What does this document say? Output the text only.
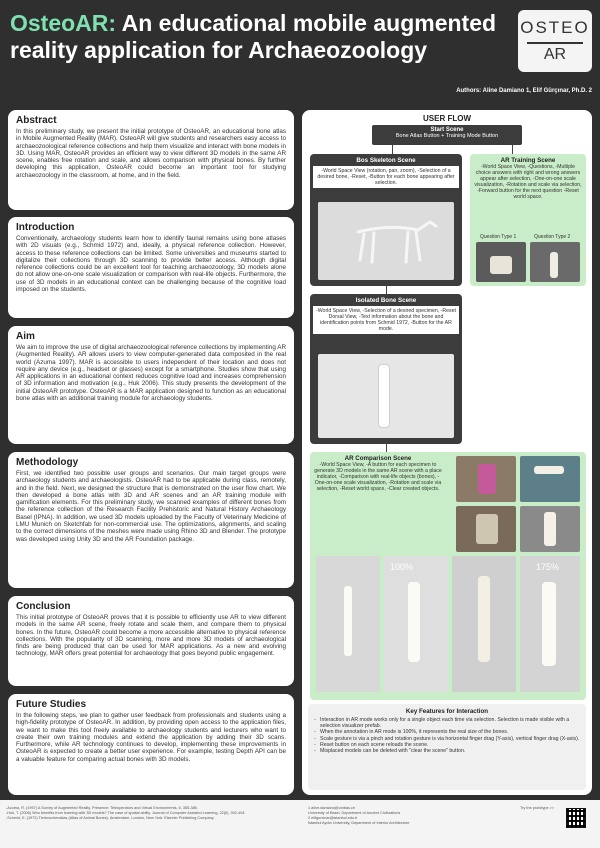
OsteoAR: An educational mobile augmented reality application for Archaeozoology
OSTEO
AR
Authors: Aline Damiano 1, Elif Gürçınar, Ph.D. 2
Abstract

In this preliminary study, we present the initial prototype of OsteoAR, an educational bone atlas in Mobile Augmented Reality (MAR). OsteoAR will give students and researchers easy access to archaeozoological reference collections and help them visualize and interact with bone models in 3D. Using MAR, OsteoAR provides an efficient way to view different 3D models in the same AR scene, enables free rotation and scale, and allows comparison with physical bones. By further developing this application, OsteoAR could become an important tool for studying archaeozoology in the classroom, at home, and in the field.

Introduction

Conventionally, archaeology students learn how to identify faunal remains using bone atlases with 2D visuals (e.g., Schmid 1972) and, ideally, a physical reference collection. However, access to these reference collections can be limited. Some universities and museums started to digitalize their collections through 3D scanning to provide better access. Although digital reference collections could be an excellent tool for teaching archaeozoology, 3D models alone do not allow one-on-one scale visualization or comparison with real-life objects. Furthermore, the use of 3D models in an educational context can be challenging because of the cognitive load imposed on the students.

Aim

We aim to improve the use of digital archaeozoological reference collections by implementing AR (Augmented Reality). AR allows users to view computer-generated data composited in the real world (Azuma 1997). MAR is accessible to users independent of their location and does not require any device (e.g., headset or glasses) except for a smartphone. Studies show that using AR applications in an educational context reduces cognitive load and increases comprehension of 3D information and motivation (e.g., Huk 2006). This study presents the development of the initial OsteoAR prototype. OsteoAR is a MAR application designed to function as an educational bone atlas with an additional training module for archaeology students.

Methodology

First, we identified two possible user groups and scenarios. Our main target groups were archaeology students and archaeologists. OsteoAR had to be applicable during class, remotely, and in the field. Next, we designed the structure that is demonstrated on the user flow chart. We then developed a bone atlas with 3D and AR scenes and an AR training module with gamification elements. For this preliminary study, we scanned examples of different bones from the reference collection of the Research Facility Prehistoric and Natural History Archaeology Basel (IPNA). In addition, we used 3D models uploaded by the Faculty of Veterinary Medicine of LMU Munich on Sketchfab for non-commercial use. The optimizations, alignments, and scaling to the correct dimensions of the meshes were made using Rhino 3D and Blender. The prototype was developed using Unity 3D and the AR Foundation package.

Conclusion

This initial prototype of OsteoAR proves that it is possible to efficiently use AR to view different models in the same AR scene, freely rotate and scale them, and compare them to physical bones. In the future, OsteoAR could become a more accessible alternative to physical reference collections. With the popularity of 3D scanning, more and more 3D models of archaeological finds are being produced that can be used for MAR applications. As a new and evolving technology, MAR offers great potential for archaeology that goes beyond public engagement.

Future Studies

In the following steps, we plan to gather user feedback from professionals and students using a high-fidelity prototype of OsteoAR. In addition, by providing open access to the application files, we want to make this tool freely available to archaeology students and lecturers who want to create their own training modules and extend the application by adding their 3D scans. Furthermore, while AR technology continues to develop, implementing these improvements in OsteoAR is expected to create a better user experience. For example, testing Depth API can be a valuable feature for comparing actual bones with 3D models.

USER FLOW
Start Scene
Bone Atlas Button + Training Mode Button
Bos Skeleton Scene
-World Space View (rotation, pan, zoom), -Selection of a desired bone, -Reset, -Button for each bone appearing after selection.
AR Training Scene
-World Space View, -Questions, -Multiple choice answers with right and wrong answers appear after selection, -One-on-one scale visualization, -Rotation and scale via selection, -Forward button for the next question -Reset world space.
Question Type 1	Question Type 2
Isolated Bone Scene
-World Space View, -Selection of a desired specimen, -Reset Dorsal View, -Text information about the bone and identification points from Schmid 1972, -Button for the AR mode.
AR Comparison Scene
-World Space View, -A button for each specimen to generate 3D models in the same AR scene with a place indicator, -Comparison with real-life objects (bones), -One-on-one scale visualization, -Rotation and scale via selection, -Reset world space, -Clear created objects.
100%	175%
Key Features for Interaction
- Interaction in AR mode works only for a single object each time via selection. Selection is made visible with a selection visualizer prefab.
- When the annotation in AR mode is 100%, it represents the real size of the bones.
- Scale gesture is via a pinch and rotation gesture is via horizontal finger drag (Y-axis), vertical finger drag (X-axis).
- Reset button on each scene reloads the scene.
- Misplaced models can be deleted with "clear the scene" button.
-Azuma, R. (1997) A Survey of Augmented Reality. Presence: Teleoperators and Virtual Environments, 6, 355-385.
-Huk, T. (2006) Who benefits from learning with 3D models? The case of spatial ability. Journal of Computer Assisted Learning, 22(6), 392-404.
-Schmid, E. (1972) Tierknochenatlas (Atlas of Animal Bones). Amsterdam, London, New York: Elsevier Publishing Company.
1 aline.damiano@unibas.ch
University of Basel, Department of Ancient Civilizations
2 elifgurcinar@istanbul.edu.tr
Istanbul Aydın University, Department of Interior Architecture
Try the prototype >>
